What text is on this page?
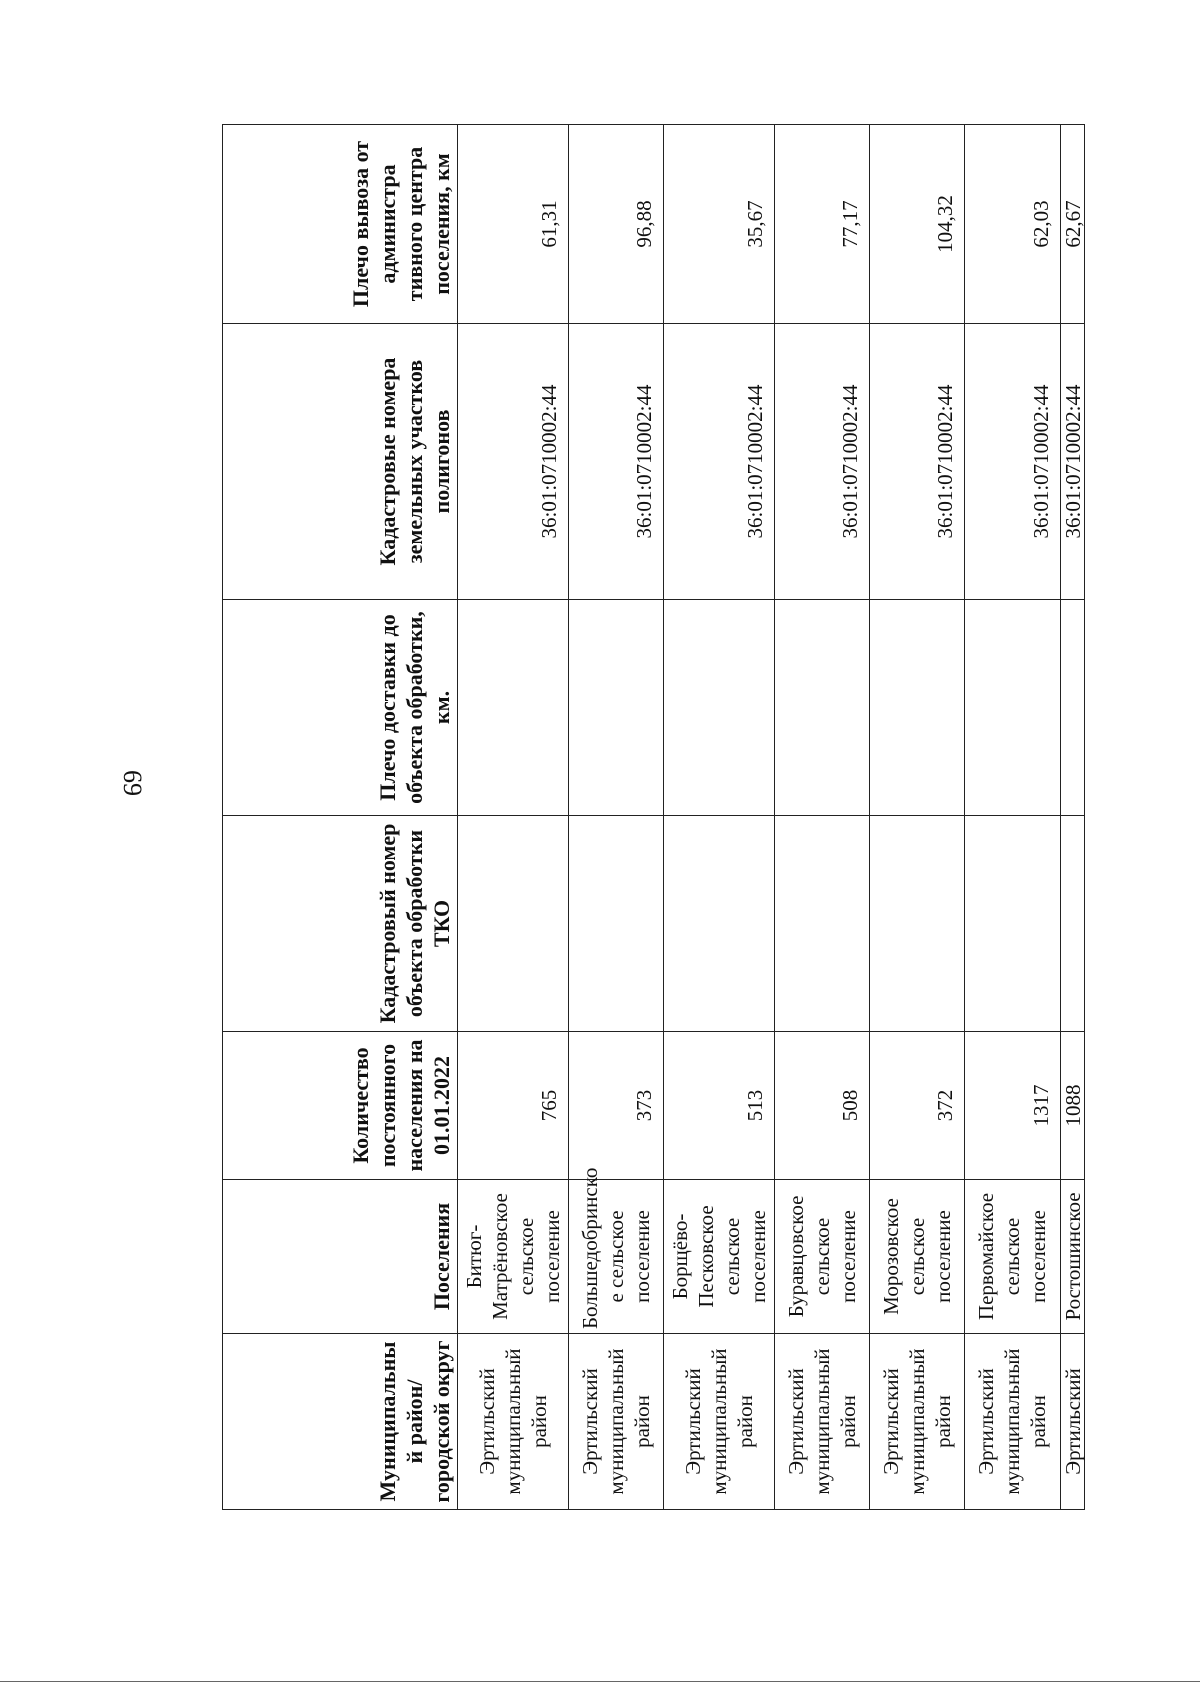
69
Муниципальны й район/ городской округ	Поселения	Количество постоянного населения на 01.01.2022	Кадастровый номер объекта обработки ТКО	Плечо доставки до объекта обработки, км.	Кадастровые номера земельных участков полигонов	Плечо вывоза от администра тивного центра поселения, км
Эртильский муниципальный район	Битюг-Матрёновское сельское поселение	765			36:01:0710002:44	61,31
Эртильский муниципальный район	Большедобринско е сельское поселение	373			36:01:0710002:44	96,88
Эртильский муниципальный район	Борщёво-Песковское сельское поселение	513			36:01:0710002:44	35,67
Эртильский муниципальный район	Буравцовское сельское поселение	508			36:01:0710002:44	77,17
Эртильский муниципальный район	Морозовское сельское поселение	372			36:01:0710002:44	104,32
Эртильский муниципальный район	Первомайское сельское поселение	1317			36:01:0710002:44	62,03
Эртильский	Ростошинское	1088			36:01:0710002:44	62,67
